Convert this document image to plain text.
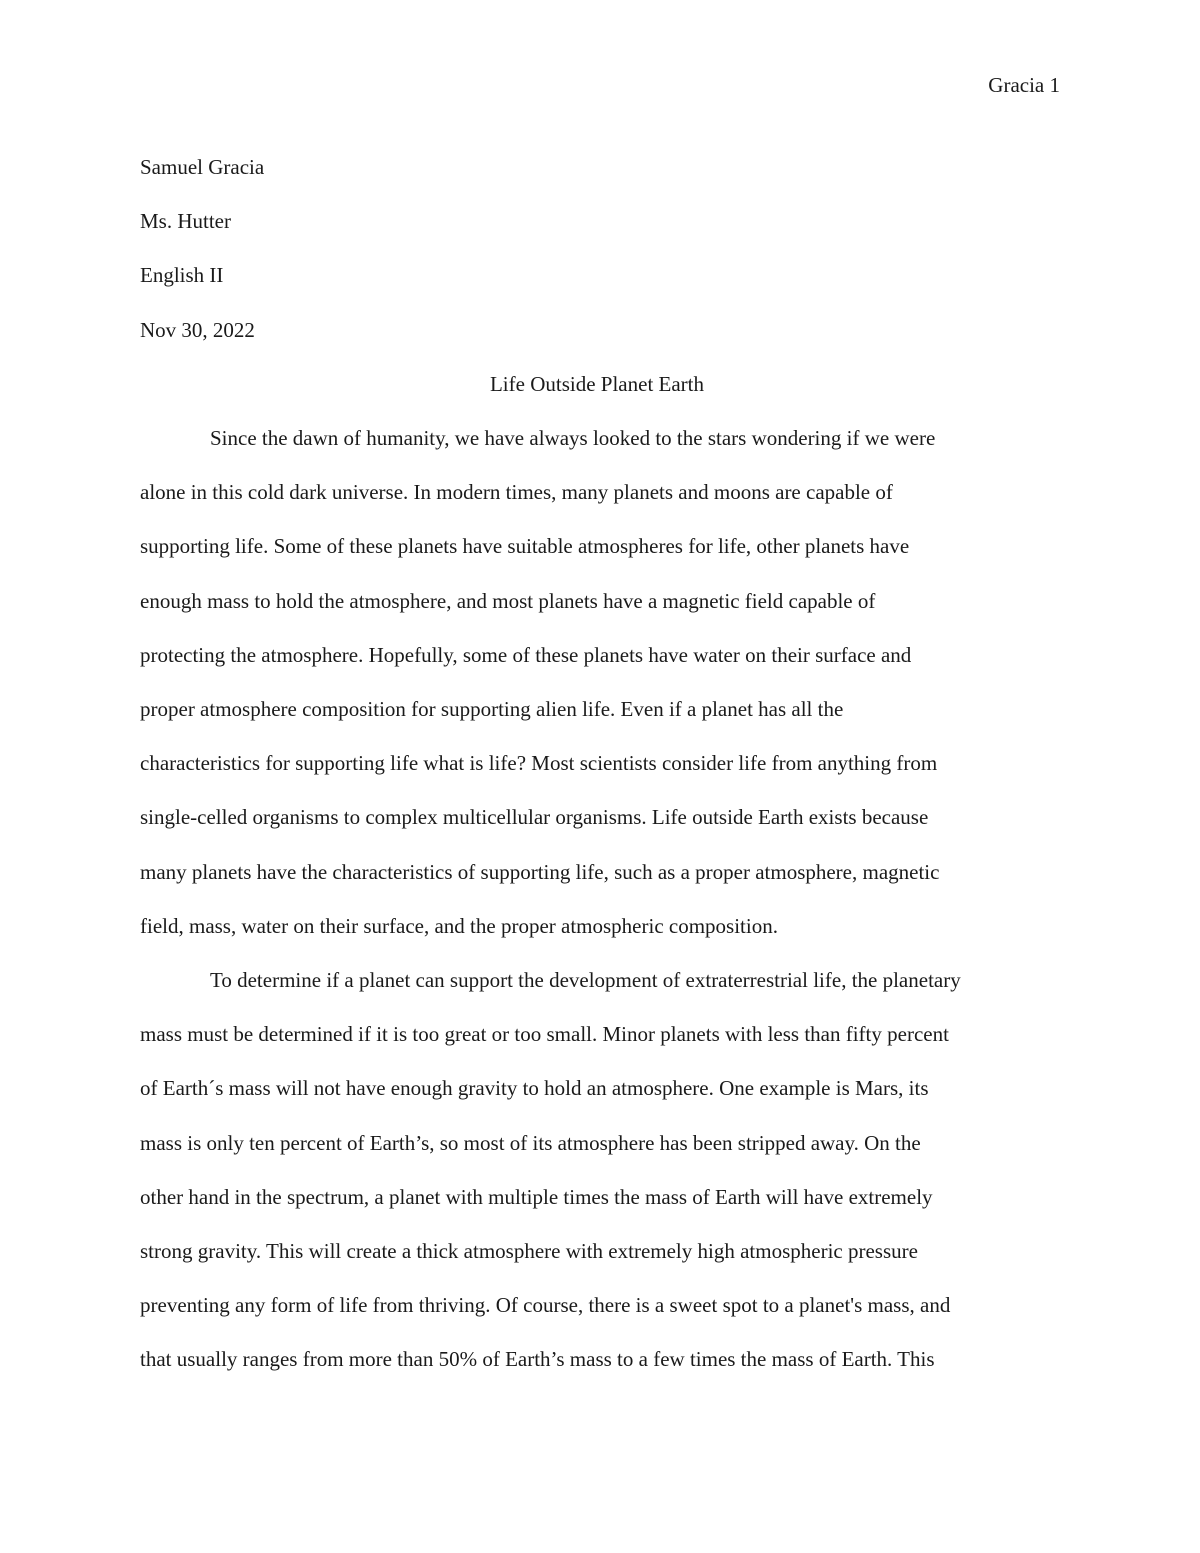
Gracia 1

Samuel Gracia

Ms. Hutter

English II

Nov 30, 2022

Life Outside Planet Earth

Since the dawn of humanity, we have always looked to the stars wondering if we were
alone in this cold dark universe. In modern times, many planets and moons are capable of
supporting life. Some of these planets have suitable atmospheres for life, other planets have
enough mass to hold the atmosphere, and most planets have a magnetic field capable of
protecting the atmosphere. Hopefully, some of these planets have water on their surface and
proper atmosphere composition for supporting alien life. Even if a planet has all the
characteristics for supporting life what is life? Most scientists consider life from anything from
single-celled organisms to complex multicellular organisms. Life outside Earth exists because
many planets have the characteristics of supporting life, such as a proper atmosphere, magnetic
field, mass, water on their surface, and the proper atmospheric composition.

To determine if a planet can support the development of extraterrestrial life, the planetary
mass must be determined if it is too great or too small. Minor planets with less than fifty percent
of Earth´s mass will not have enough gravity to hold an atmosphere. One example is Mars, its
mass is only ten percent of Earth’s, so most of its atmosphere has been stripped away. On the
other hand in the spectrum, a planet with multiple times the mass of Earth will have extremely
strong gravity. This will create a thick atmosphere with extremely high atmospheric pressure
preventing any form of life from thriving. Of course, there is a sweet spot to a planet's mass, and
that usually ranges from more than 50% of Earth’s mass to a few times the mass of Earth. This
